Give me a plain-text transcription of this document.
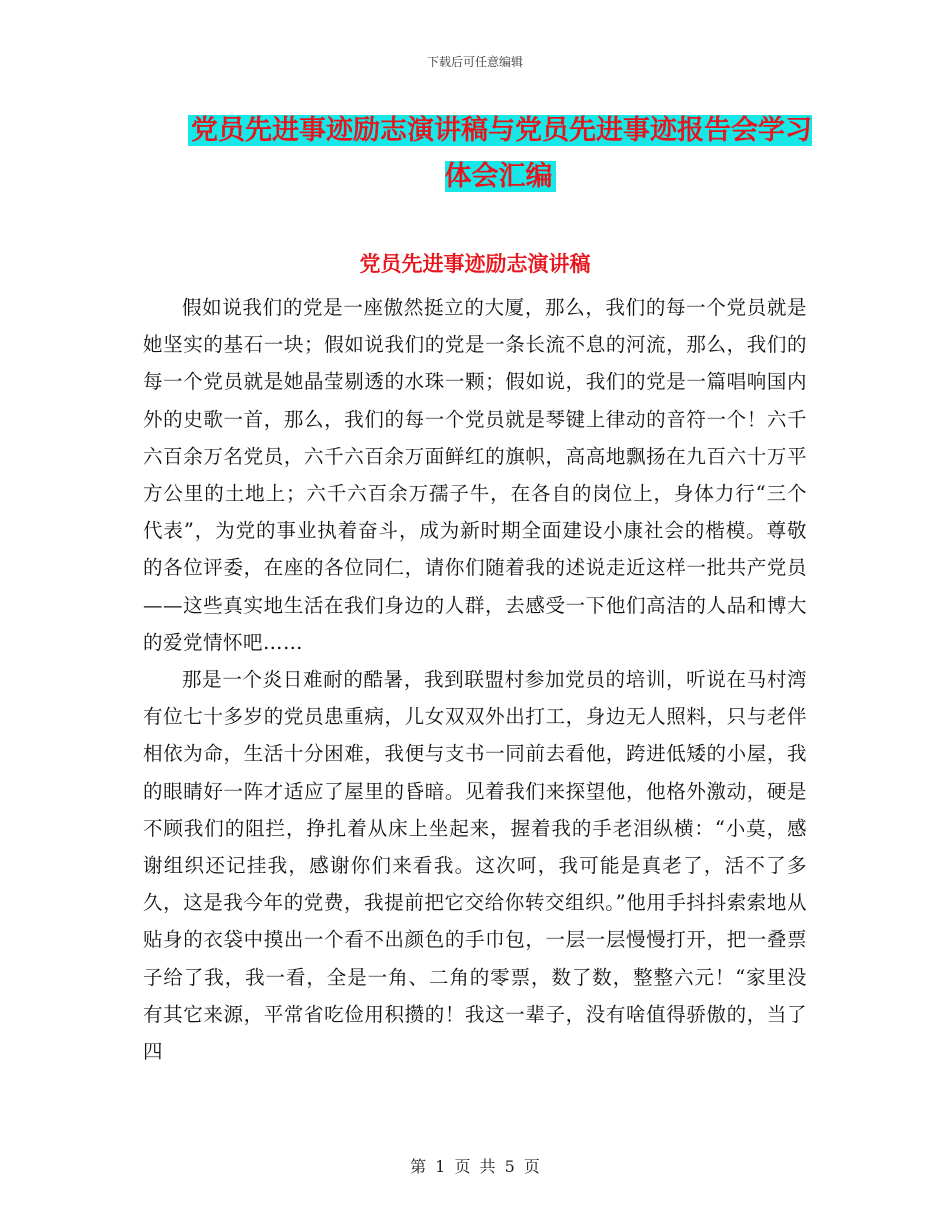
下载后可任意编辑
党员先进事迹励志演讲稿与党员先进事迹报告会学习体会汇编
党员先进事迹励志演讲稿

假如说我们的党是一座傲然挺立的大厦，那么，我们的每一个党员就是她坚实的基石一块；假如说我们的党是一条长流不息的河流，那么，我们的每一个党员就是她晶莹剔透的水珠一颗；假如说，我们的党是一篇唱响国内外的史歌一首，那么，我们的每一个党员就是琴键上律动的音符一个！六千六百余万名党员，六千六百余万面鲜红的旗帜，高高地飘扬在九百六十万平方公里的土地上；六千六百余万孺子牛，在各自的岗位上，身体力行“三个代表”，为党的事业执着奋斗，成为新时期全面建设小康社会的楷模。尊敬的各位评委，在座的各位同仁，请你们随着我的述说走近这样一批共产党员——这些真实地生活在我们身边的人群，去感受一下他们高洁的人品和博大的爱党情怀吧……

那是一个炎日难耐的酷暑，我到联盟村参加党员的培训，听说在马村湾有位七十多岁的党员患重病，儿女双双外出打工，身边无人照料，只与老伴相依为命，生活十分困难，我便与支书一同前去看他，跨进低矮的小屋，我的眼睛好一阵才适应了屋里的昏暗。见着我们来探望他，他格外激动，硬是不顾我们的阻拦，挣扎着从床上坐起来，握着我的手老泪纵横：“小莫，感谢组织还记挂我，感谢你们来看我。这次呵，我可能是真老了，活不了多久，这是我今年的党费，我提前把它交给你转交组织。”他用手抖抖索索地从贴身的衣袋中摸出一个看不出颜色的手巾包，一层一层慢慢打开，把一叠票子给了我，我一看，全是一角、二角的零票，数了数，整整六元！“家里没有其它来源，平常省吃俭用积攒的！我这一辈子，没有啥值得骄傲的，当了四

第 1 页 共 5 页
